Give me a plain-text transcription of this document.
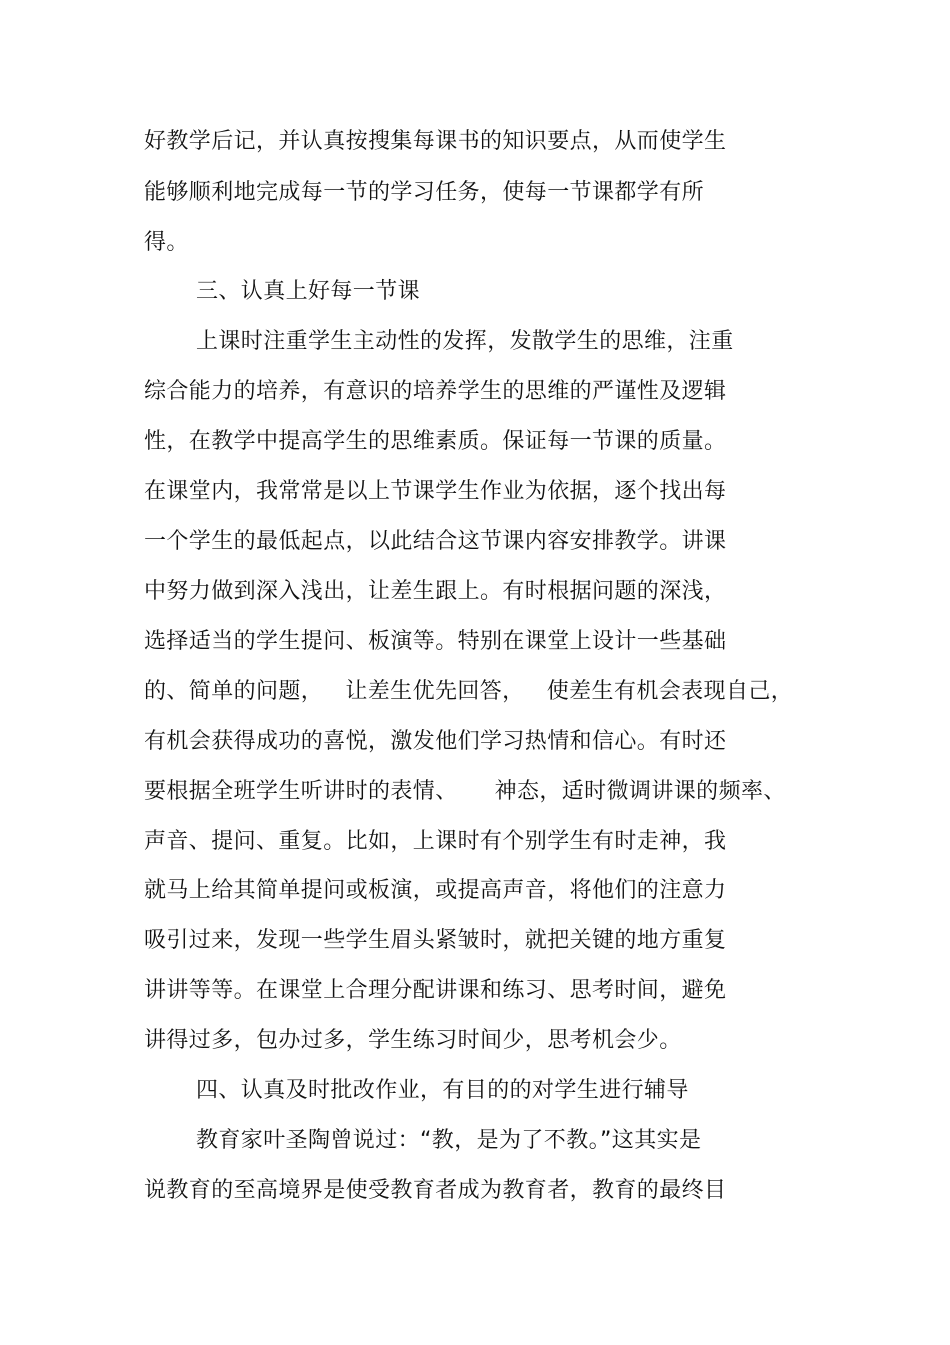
好教学后记，并认真按搜集每课书的知识要点，从而使学生
能够顺利地完成每一节的学习任务，使每一节课都学有所
得。
三、认真上好每一节课
上课时注重学生主动性的发挥，发散学生的思维，注重
综合能力的培养，有意识的培养学生的思维的严谨性及逻辑
性，在教学中提高学生的思维素质。保证每一节课的质量。
在课堂内，我常常是以上节课学生作业为依据，逐个找出每
一个学生的最低起点，以此结合这节课内容安排教学。讲课
中努力做到深入浅出，让差生跟上。有时根据问题的深浅，
选择适当的学生提问、板演等。特别在课堂上设计一些基础
的、简单的问题，   让差生优先回答，   使差生有机会表现自己，
有机会获得成功的喜悦，激发他们学习热情和信心。有时还
要根据全班学生听讲时的表情、     神态，适时微调讲课的频率、
声音、提问、重复。比如，上课时有个别学生有时走神，我
就马上给其简单提问或板演，或提高声音，将他们的注意力
吸引过来，发现一些学生眉头紧皱时，就把关键的地方重复
讲讲等等。在课堂上合理分配讲课和练习、思考时间，避免
讲得过多，包办过多，学生练习时间少，思考机会少。
四、认真及时批改作业，有目的的对学生进行辅导
教育家叶圣陶曾说过：“教，是为了不教。”这其实是
说教育的至高境界是使受教育者成为教育者，教育的最终目
